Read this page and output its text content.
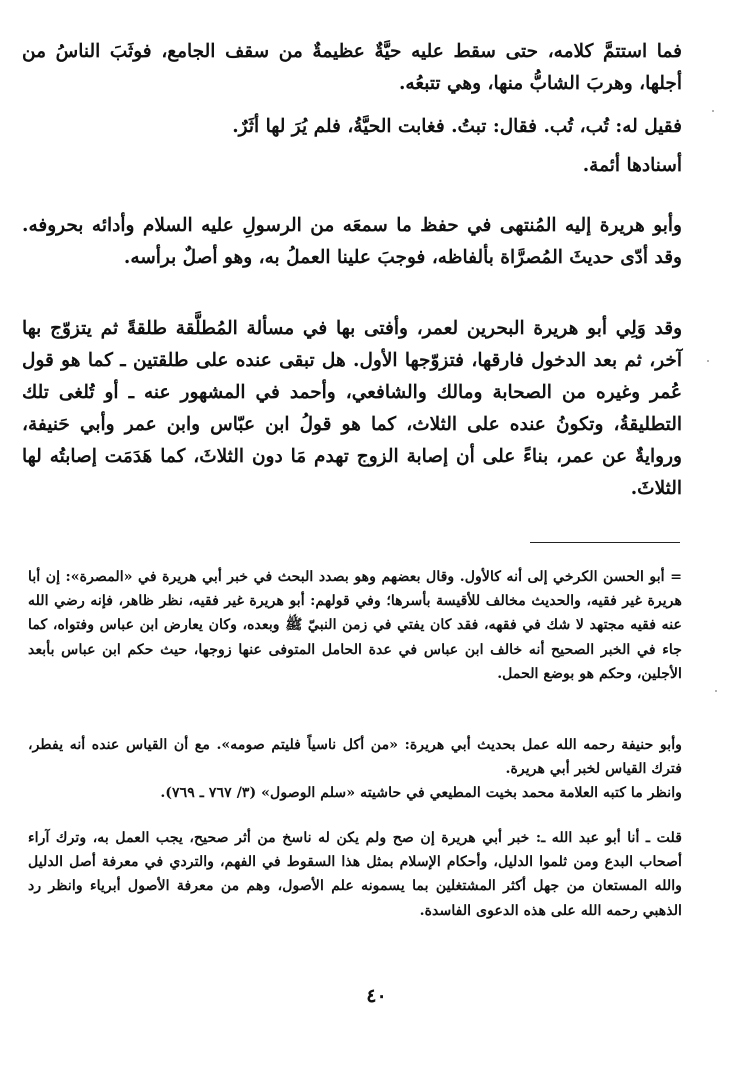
فما استتمَّ كلامه، حتى سقط عليه حيَّةٌ عظيمةٌ من سقف الجامع، فوثَبَ الناسُ من أجلها، وهربَ الشابُّ منها، وهي تتبعُه.

فقيل له: تُب، تُب. فقال: تبتُ. فغابت الحيَّةُ، فلم يُرَ لها أثَرٌ.

أسنادها أئمة.

وأبو هريرة إليه المُنتهى في حفظ ما سمعَه من الرسولِ عليه السلام وأدائه بحروفه. وقد أدّى حديثَ المُصرَّاة بألفاظه، فوجبَ علينا العملُ به، وهو أصلٌ برأسه.

وقد وَلِي أبو هريرة البحرين لعمر، وأفتى بها في مسألة المُطلَّقة طلقةً ثم يتزوّج بها آخر، ثم بعد الدخول فارقها، فتزوّجها الأول. هل تبقى عنده على طلقتين ـ كما هو قول عُمر وغيره من الصحابة ومالك والشافعي، وأحمد في المشهور عنه ـ أو تُلغى تلك التطليقةُ، وتكونُ عنده على الثلاث، كما هو قولُ ابن عبّاس وابن عمر وأبي حَنيفة، وروايةٌ عن عمر، بناءً على أن إصابة الزوج تهدم مَا دون الثلاثَ، كما هَدَمَت إصابتُه لها الثلاثَ.

= أبو الحسن الكرخي إلى أنه كالأول. وقال بعضهم وهو بصدد البحث في خبر أبي هريرة في «المصرة»: إن أبا هريرة غير فقيه، والحديث مخالف للأقيسة بأسرها؛ وفي قولهم: أبو هريرة غير فقيه، نظر ظاهر، فإنه رضي الله عنه فقيه مجتهد لا شك في فقهه، فقد كان يفتي في زمن النبيّ ﷺ وبعده، وكان يعارض ابن عباس وفتواه، كما جاء في الخبر الصحيح أنه خالف ابن عباس في عدة الحامل المتوفى عنها زوجها، حيث حكم ابن عباس بأبعد الأجلين، وحكم هو بوضع الحمل.

وأبو حنيفة رحمه الله عمل بحديث أبي هريرة: «من أكل ناسياً فليتم صومه». مع أن القياس عنده أنه يفطر، فترك القياس لخبر أبي هريرة.

وانظر ما كتبه العلامة محمد بخيت المطيعي في حاشيته «سلم الوصول» (٣/ ٧٦٧ ـ ٧٦٩).

قلت ـ أنا أبو عبد الله ـ: خبر أبي هريرة إن صح ولم يكن له ناسخ من أثر صحيح، يجب العمل به، وترك آراء أصحاب البدع ومن ثلموا الدليل، وأحكام الإسلام بمثل هذا السقوط في الفهم، والتردي في معرفة أصل الدليل والله المستعان من جهل أكثر المشتغلين بما يسمونه علم الأصول، وهم من معرفة الأصول أبرياء وانظر رد الذهبي رحمه الله على هذه الدعوى الفاسدة.

٤٠
